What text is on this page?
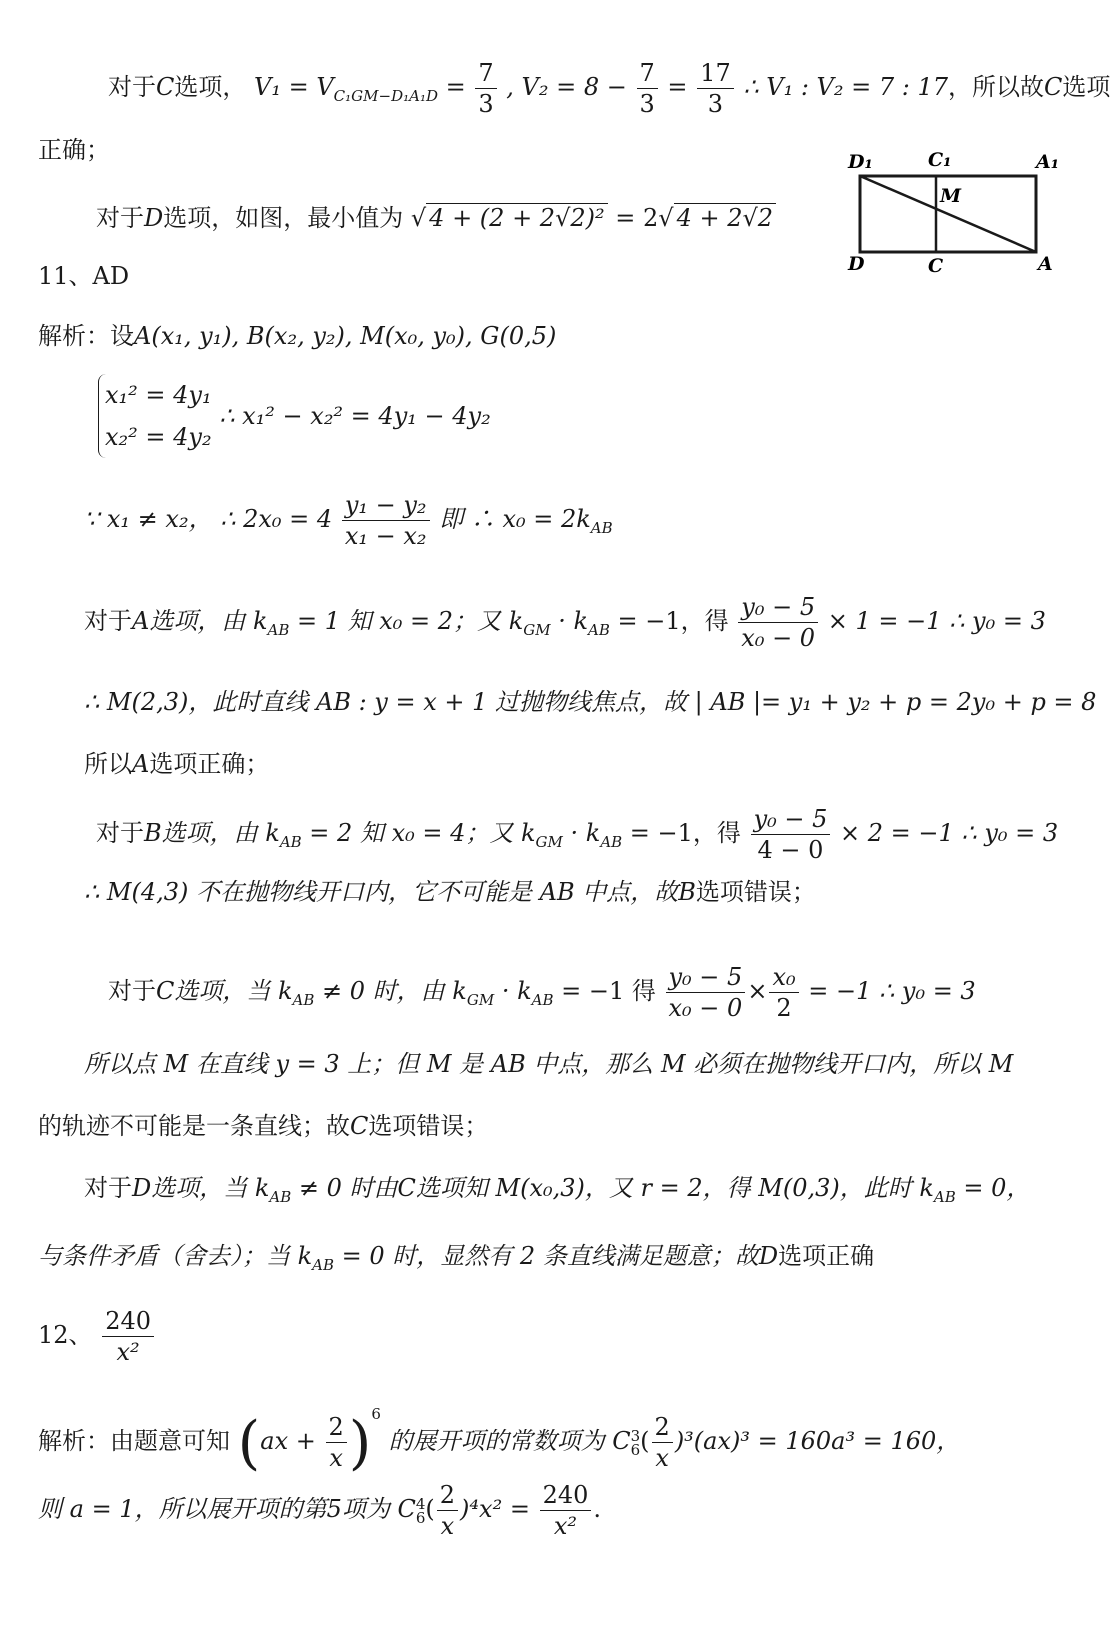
对于C选项， $V_1 = V_{C_1GM-D_1A_1D} = \frac{7}{3}$ , $V_2 = 8 - \frac{7}{3} = \frac{17}{3}$ ∴ V₁ : V₂ = 7 : 17，所以故C选项
正确；
对于D选项，如图，最小值为 √ 4 + (2 + 2√2)² = 2√ 4 + 2√2
D₁	C₁	A₁
M
D	C	A
11、AD
解析：设A(x₁, y₁), B(x₂, y₂), M(x₀, y₀), G(0,5)
x₁² = 4y₁
x₂² = 4y₂
∴ x₁² − x₂² = 4y₁ − 4y₂
∵ x₁ ≠ x₂， ∴ $2x_0 = 4 \frac{\text{y₁ − y₂}}{\text{x₁ − x₂}}$ 即 ∴ $x_0 = 2k_{AB}$
对于A选项，由 $k_{AB} = 1$ 知 x₀ = 2；又 $k_{GM} \cdot k_{AB} = -1$，得 $\frac{\text{y₀ − 5}}{\text{x₀ − 0}} \times 1 = -1$ ∴ y₀ = 3
∴ M(2,3)，此时直线 AB : y = x + 1 过抛物线焦点，故 | AB |= y₁ + y₂ + p = 2y₀ + p = 8
所以A选项正确；
对于B选项，由 $k_{AB} = 2$ 知 x₀ = 4；又 $k_{GM} \cdot k_{AB} = -1$，得 $\frac{\text{y₀ − 5}}{4 - 0} \times 2 = -1$ ∴ y₀ = 3
∴ M(4,3) 不在抛物线开口内，它不可能是 AB 中点，故B选项错误；
对于C选项，当 $k_{AB} \ne 0$ 时，由 $k_{GM} \cdot k_{AB} = -1$ 得 $\frac{\text{y₀ − 5}}{\text{x₀ − 0}} \times \frac{\text{x₀}}{2} = -1$ ∴ y₀ = 3
所以点 M 在直线 y = 3 上；但 M 是 AB 中点，那么 M 必须在抛物线开口内，所以 M
的轨迹不可能是一条直线；故C选项错误；
对于D选项，当 $k_{AB} \ne 0$ 时由C选项知 M(x₀,3)，又 r = 2，得 M(0,3)，此时 $k_{AB} = 0$，
与条件矛盾（舍去）；当 $k_{AB} = 0$ 时，显然有 2 条直线满足题意；故D选项正确
12、 $\frac{240}{\text{x²}}$
解析：由题意可知 $(ax + \frac{2}{x} )^6$ 的展开项的常数项为 C 3
6 ( $\frac{2}{x} )^3(ax)^3 = 160a^3 = 160$，
则 a = 1，所以展开项的第5项为 C 4
6 ( $\frac{2}{x} )^4x^2 = \frac{240}{\text{x²}}$ .
